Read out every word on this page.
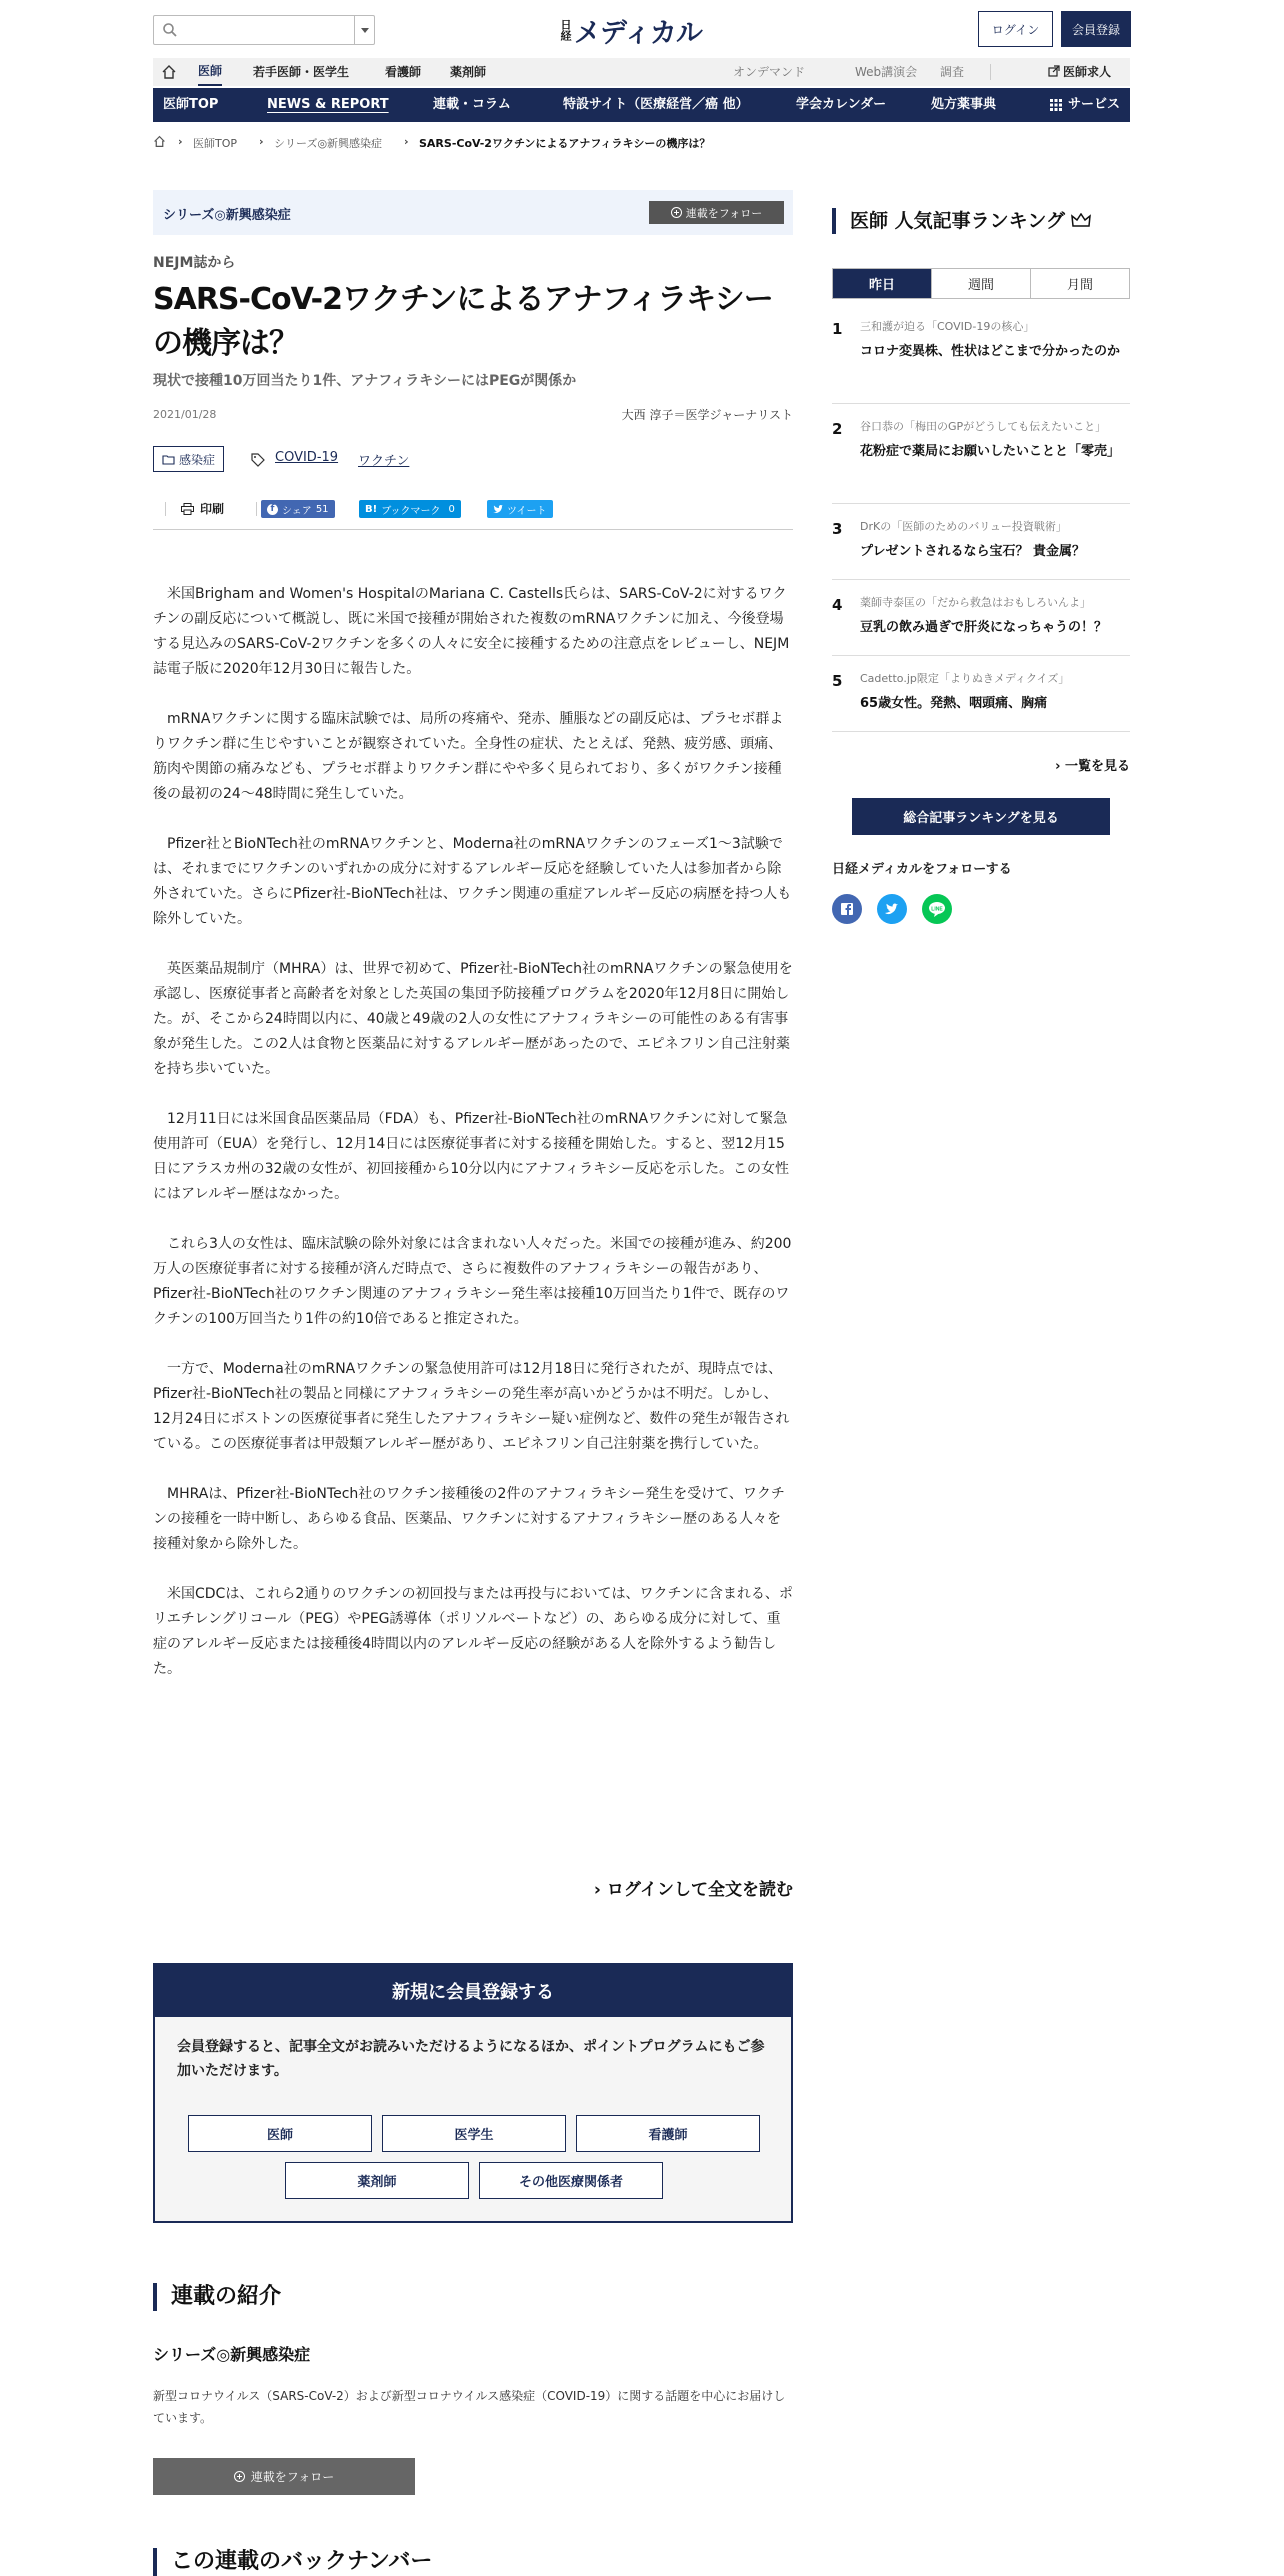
日経 メディカル	ログイン	会員登録
医師	若手医師・医学生	看護師 薬剤師	オンデマンド	Web講演会 調査	医師求人
医師TOP	NEWS & REPORT	連載・コラム	特設サイト（医療経営／癌 他）	学会カレンダー	処方薬事典	サービス
› 医師TOP › シリーズ◎新興感染症 › SARS-CoV-2ワクチンによるアナフィラキシーの機序は？
シリーズ◎新興感染症	連載をフォロー
NEJM誌から
SARS-CoV-2ワクチンによるアナフィラキシーの機序は？
現状で接種10万回当たり1件、アナフィラキシーにはPEGが関係か
2021/01/28	大西 淳子＝医学ジャーナリスト
感染症	COVID-19 ワクチン
印刷	f シェア 51	B! ブックマーク 0	ツイート

米国Brigham and Women's HospitalのMariana C. Castells氏らは、SARS-CoV-2に対するワクチンの副反応について概説し、既に米国で接種が開始された複数のmRNAワクチンに加え、今後登場する見込みのSARS-CoV-2ワクチンを多くの人々に安全に接種するための注意点をレビューし、NEJM誌電子版に2020年12月30日に報告した。

mRNAワクチンに関する臨床試験では、局所の疼痛や、発赤、腫脹などの副反応は、プラセボ群よりワクチン群に生じやすいことが観察されていた。全身性の症状、たとえば、発熱、疲労感、頭痛、筋肉や関節の痛みなども、プラセボ群よりワクチン群にやや多く見られており、多くがワクチン接種後の最初の24～48時間に発生していた。

Pfizer社とBioNTech社のmRNAワクチンと、Moderna社のmRNAワクチンのフェーズ1～3試験では、それまでにワクチンのいずれかの成分に対するアレルギー反応を経験していた人は参加者から除外されていた。さらにPfizer社-BioNTech社は、ワクチン関連の重症アレルギー反応の病歴を持つ人も除外していた。

英医薬品規制庁（MHRA）は、世界で初めて、Pfizer社-BioNTech社のmRNAワクチンの緊急使用を承認し、医療従事者と高齢者を対象とした英国の集団予防接種プログラムを2020年12月8日に開始した。が、そこから24時間以内に、40歳と49歳の2人の女性にアナフィラキシーの可能性のある有害事象が発生した。この2人は食物と医薬品に対するアレルギー歴があったので、エピネフリン自己注射薬を持ち歩いていた。

12月11日には米国食品医薬品局（FDA）も、Pfizer社-BioNTech社のmRNAワクチンに対して緊急使用許可（EUA）を発行し、12月14日には医療従事者に対する接種を開始した。すると、翌12月15日にアラスカ州の32歳の女性が、初回接種から10分以内にアナフィラキシー反応を示した。この女性にはアレルギー歴はなかった。

これら3人の女性は、臨床試験の除外対象には含まれない人々だった。米国での接種が進み、約200万人の医療従事者に対する接種が済んだ時点で、さらに複数件のアナフィラキシーの報告があり、Pfizer社-BioNTech社のワクチン関連のアナフィラキシー発生率は接種10万回当たり1件で、既存のワクチンの100万回当たり1件の約10倍であると推定された。

一方で、Moderna社のmRNAワクチンの緊急使用許可は12月18日に発行されたが、現時点では、Pfizer社-BioNTech社の製品と同様にアナフィラキシーの発生率が高いかどうかは不明だ。しかし、12月24日にボストンの医療従事者に発生したアナフィラキシー疑い症例など、数件の発生が報告されている。この医療従事者は甲殻類アレルギー歴があり、エピネフリン自己注射薬を携行していた。

MHRAは、Pfizer社-BioNTech社のワクチン接種後の2件のアナフィラキシー発生を受けて、ワクチンの接種を一時中断し、あらゆる食品、医薬品、ワクチンに対するアナフィラキシー歴のある人々を接種対象から除外した。

米国CDCは、これら2通りのワクチンの初回投与または再投与においては、ワクチンに含まれる、ポリエチレングリコール（PEG）やPEG誘導体（ポリソルベートなど）の、あらゆる成分に対して、重症のアレルギー反応または接種後4時間以内のアレルギー反応の経験がある人を除外するよう勧告した。

› ログインして全文を読む
新規に会員登録する
会員登録すると、記事全文がお読みいただけるようになるほか、ポイントプログラムにもご参加いただけます。
医師	医学生	看護師
薬剤師	その他医療関係者
連載の紹介
シリーズ◎新興感染症
新型コロナウイルス（SARS-CoV-2）および新型コロナウイルス感染症（COVID-19）に関する話題を中心にお届けしています。
連載をフォロー
この連載のバックナンバー
医師 人気記事ランキング
昨日	週間	月間
1 三和護が迫る「COVID-19の核心」
コロナ変異株、性状はどこまで分かったのか
2 谷口恭の「梅田のGPがどうしても伝えたいこと」
花粉症で薬局にお願いしたいことと「零売」
3 DrKの「医師のためのバリュー投資戦術」
プレゼントされるなら宝石？ 貴金属？
4 薬師寺泰匡の「だから救急はおもしろいんよ」
豆乳の飲み過ぎで肝炎になっちゃうの！？
5 Cadetto.jp限定「よりぬきメディクイズ」
65歳女性。発熱、咽頭痛、胸痛
› 一覧を見る
総合記事ランキングを見る
日経メディカルをフォローする
LINE
